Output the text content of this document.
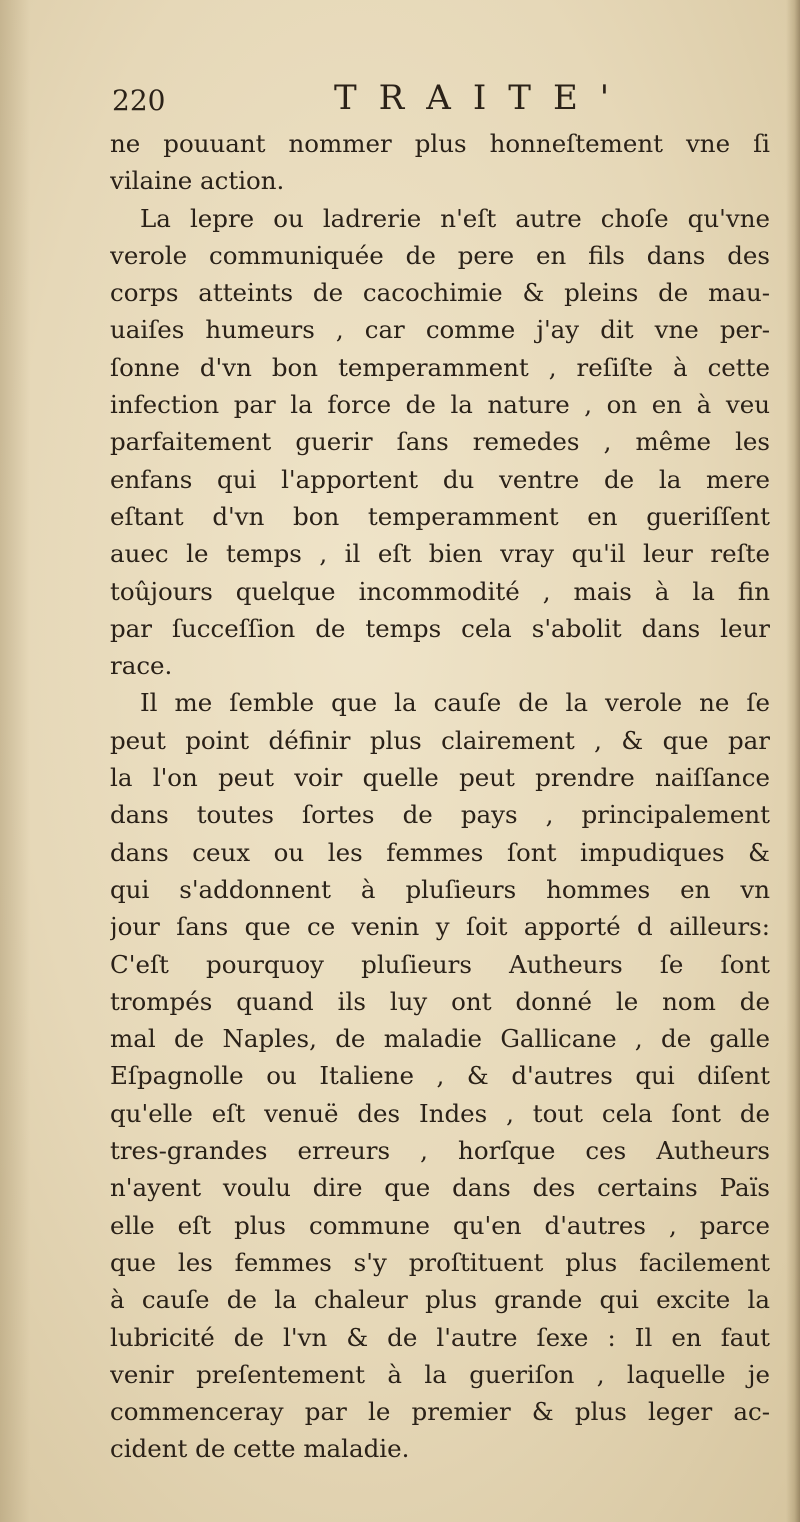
220	TRAITE'
ne pouuant nommer plus honneſtement vne ſi
vilaine action.
La lepre ou ladrerie n'eſt autre choſe qu'vne
verole communiquée de pere en fils dans des
corps atteints de cacochimie & pleins de mau-
uaiſes humeurs , car comme j'ay dit vne per-
ſonne d'vn bon temperamment , reſiſte à cette
infection par la force de la nature , on en à veu
parfaitement guerir ſans remedes , même les
enfans qui l'apportent du ventre de la mere
eſtant d'vn bon temperamment en gueriſſent
auec le temps , il eſt bien vray qu'il leur reſte
toûjours quelque incommodité , mais à la fin
par ſucceſſion de temps cela s'abolit dans leur
race.
Il me ſemble que la cauſe de la verole ne ſe
peut point définir plus clairement , & que par
la l'on peut voir quelle peut prendre naiſſance
dans toutes ſortes de pays , principalement
dans ceux ou les femmes ſont impudiques &
qui s'addonnent à pluſieurs hommes en vn
jour ſans que ce venin y ſoit apporté d ailleurs:
C'eſt pourquoy pluſieurs Autheurs ſe ſont
trompés quand ils luy ont donné le nom de
mal de Naples, de maladie Gallicane , de galle
Eſpagnolle ou Italiene , & d'autres qui diſent
qu'elle eſt venuë des Indes , tout cela ſont de
tres-grandes erreurs , horſque ces Autheurs
n'ayent voulu dire que dans des certains Païs
elle eſt plus commune qu'en d'autres , parce
que les femmes s'y proſtituent plus facilement
à cauſe de la chaleur plus grande qui excite la
lubricité de l'vn & de l'autre ſexe : Il en faut
venir preſentement à la gueriſon , laquelle je
commenceray par le premier & plus leger ac-
cident de cette maladie.
